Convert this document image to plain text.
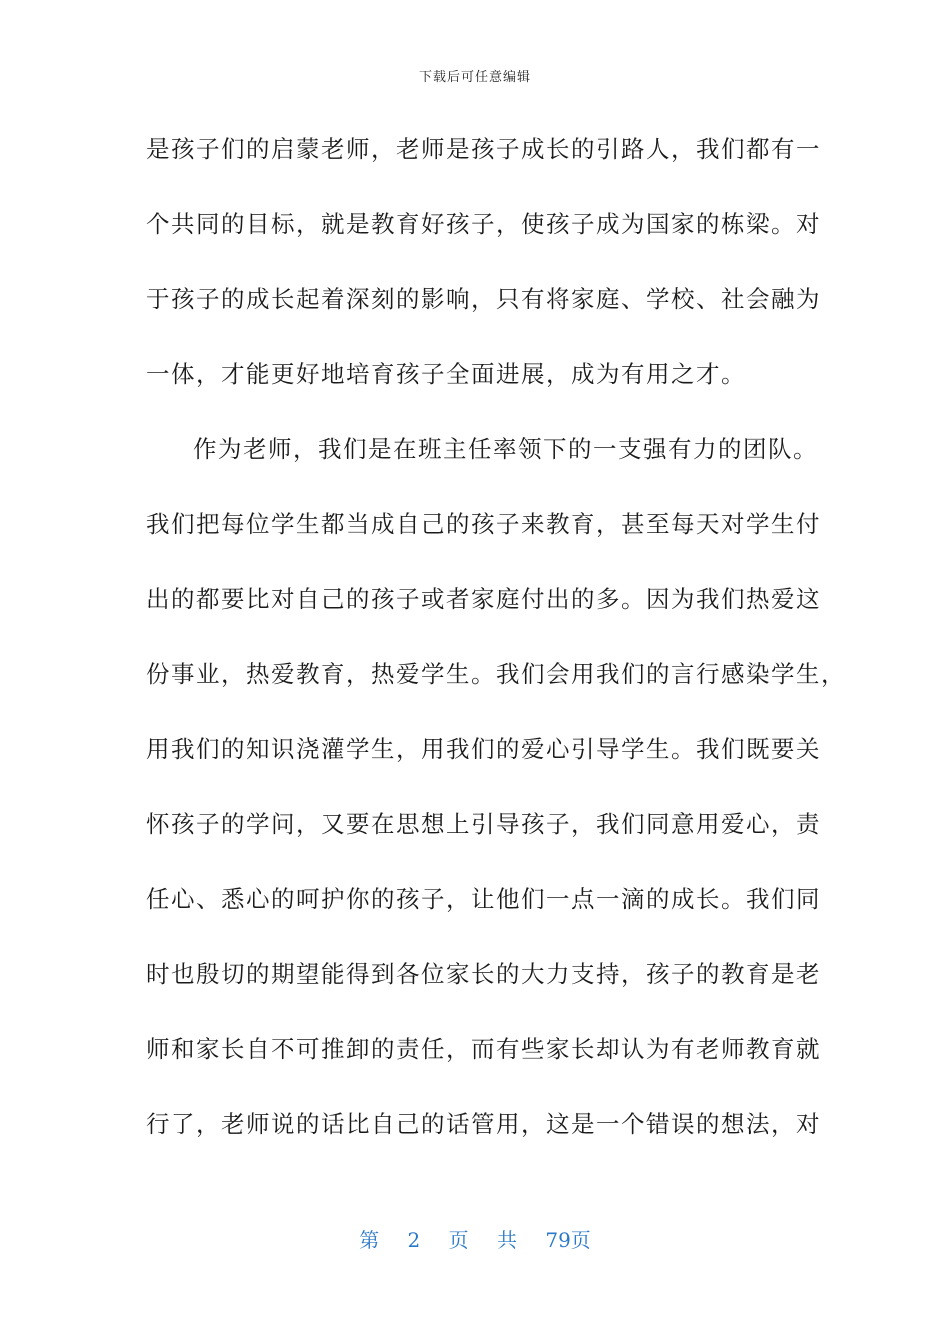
下载后可任意编辑
是孩子们的启蒙老师，老师是孩子成长的引路人，我们都有一
个共同的目标，就是教育好孩子，使孩子成为国家的栋梁。对
于孩子的成长起着深刻的影响，只有将家庭、学校、社会融为
一体，才能更好地培育孩子全面进展，成为有用之才。
作为老师，我们是在班主任率领下的一支强有力的团队。
我们把每位学生都当成自己的孩子来教育，甚至每天对学生付
出的都要比对自己的孩子或者家庭付出的多。因为我们热爱这
份事业，热爱教育，热爱学生。我们会用我们的言行感染学生，
用我们的知识浇灌学生，用我们的爱心引导学生。我们既要关
怀孩子的学问，又要在思想上引导孩子，我们同意用爱心，责
任心、悉心的呵护你的孩子，让他们一点一滴的成长。我们同
时也殷切的期望能得到各位家长的大力支持，孩子的教育是老
师和家长自不可推卸的责任，而有些家长却认为有老师教育就
行了，老师说的话比自己的话管用，这是一个错误的想法，对
第 2 页 共 79页
